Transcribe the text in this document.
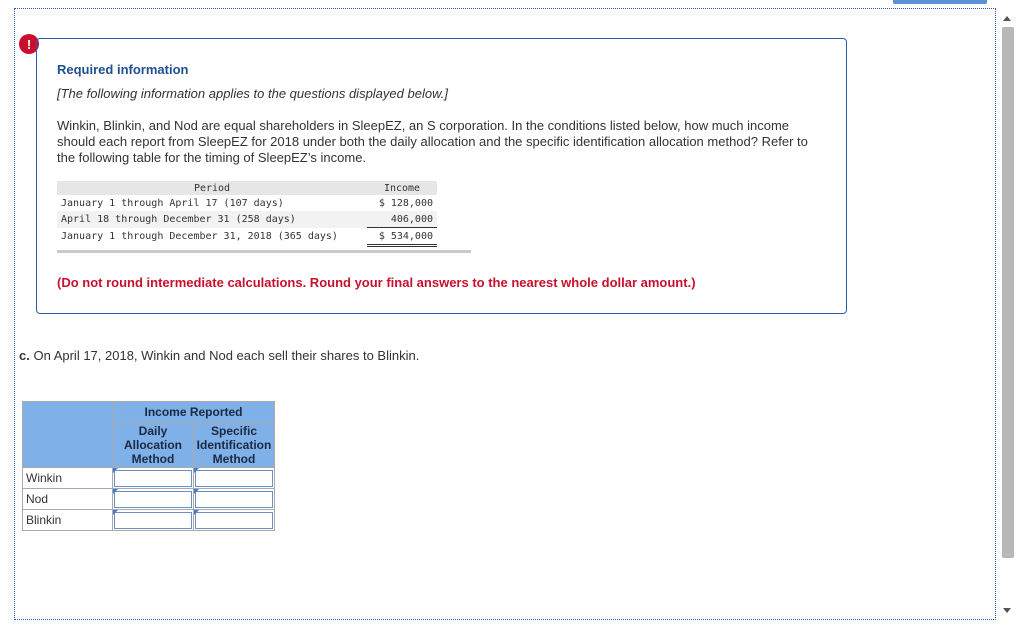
!
Required information
[The following information applies to the questions displayed below.]
Winkin, Blinkin, and Nod are equal shareholders in SleepEZ, an S corporation. In the conditions listed below, how much income should each report from SleepEZ for 2018 under both the daily allocation and the specific identification allocation method? Refer to the following table for the timing of SleepEZ’s income.
Period	Income
January 1 through April 17 (107 days)	$ 128,000
April 18 through December 31 (258 days)	406,000
January 1 through December 31, 2018 (365 days)	$ 534,000
(Do not round intermediate calculations. Round your final answers to the nearest whole dollar amount.)
c. On April 17, 2018, Winkin and Nod each sell their shares to Blinkin.
	Income Reported	
	Daily Allocation Method	Specific Identification Method
Winkin	

Nod	

Blinkin	
